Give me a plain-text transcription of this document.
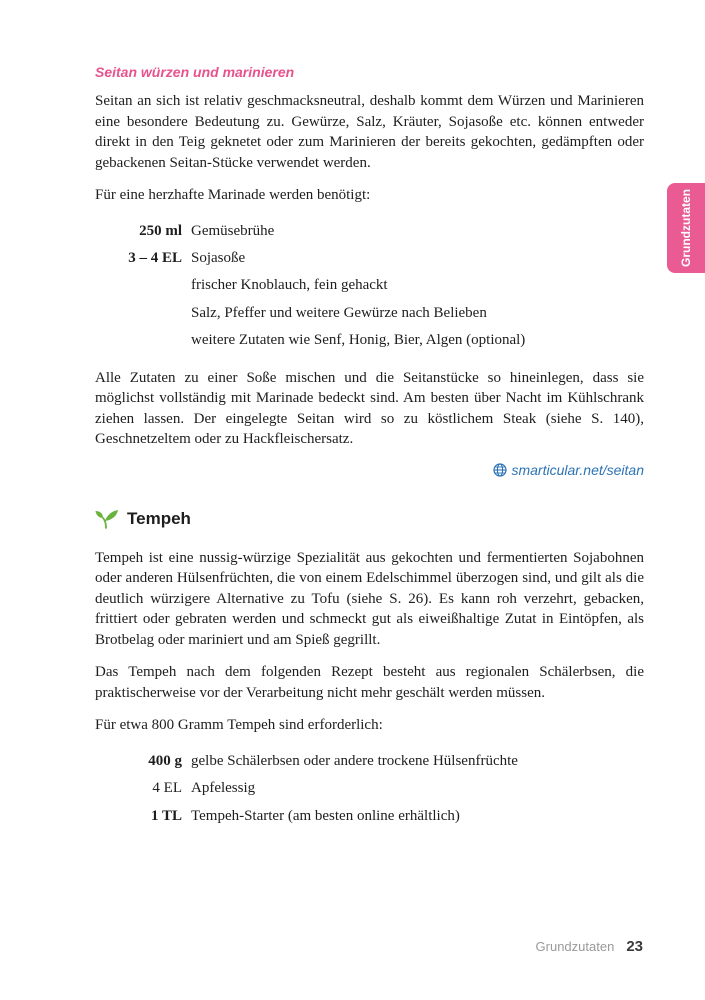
Grundzutaten
Seitan würzen und marinieren

Seitan an sich ist relativ geschmacksneutral, deshalb kommt dem Würzen und Marinieren eine besondere Bedeutung zu. Gewürze, Salz, Kräuter, Sojasoße etc. können entweder direkt in den Teig geknetet oder zum Marinieren der bereits gekochten, gedämpften oder gebackenen Seitan-Stücke verwendet werden.

Für eine herzhafte Marinade werden benötigt:

250 ml Gemüsebrühe
3 – 4 EL Sojasoße
frischer Knoblauch, fein gehackt
Salz, Pfeffer und weitere Gewürze nach Belieben
weitere Zutaten wie Senf, Honig, Bier, Algen (optional)

Alle Zutaten zu einer Soße mischen und die Seitanstücke so hineinlegen, dass sie möglichst vollständig mit Marinade bedeckt sind. Am besten über Nacht im Kühlschrank ziehen lassen. Der eingelegte Seitan wird so zu köstlichem Steak (siehe S. 140), Geschnetzeltem oder zu Hackfleischersatz.

smarticular.net/seitan
Tempeh

Tempeh ist eine nussig-würzige Spezialität aus gekochten und fermentierten Sojabohnen oder anderen Hülsenfrüchten, die von einem Edelschimmel überzogen sind, und gilt als die deutlich würzigere Alternative zu Tofu (siehe S. 26). Es kann roh verzehrt, gebacken, frittiert oder gebraten werden und schmeckt gut als eiweißhaltige Zutat in Eintöpfen, als Brotbelag oder mariniert und am Spieß gegrillt.

Das Tempeh nach dem folgenden Rezept besteht aus regionalen Schälerbsen, die praktischerweise vor der Verarbeitung nicht mehr geschält werden müssen.

Für etwa 800 Gramm Tempeh sind erforderlich:

400 g gelbe Schälerbsen oder andere trockene Hülsenfrüchte
4 EL Apfelessig
1 TL Tempeh-Starter (am besten online erhältlich)
Grundzutaten 23
